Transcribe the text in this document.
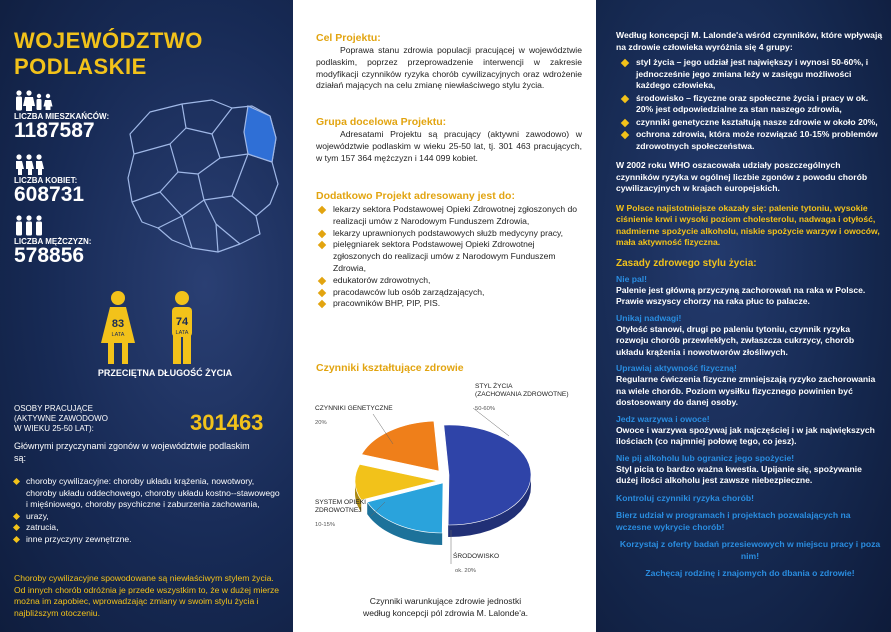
WOJEWÓDZTWO
PODLASKIE
LICZBA MIESZKAŃCÓW:
1187587
LICZBA KOBIET:
608731
LICZBA MĘŻCZYZN:
578856
83
LATA
74
LATA
PRZECIĘTNA DŁUGOŚĆ ŻYCIA
OSOBY PRACUJĄCE
(AKTYWNE ZAWODOWO
W WIEKU 25-50 LAT):	301463
Głównymi przyczynami zgonów w województwie podlaskim są:
choroby cywilizacyjne: choroby układu krążenia, nowotwory, choroby układu oddechowego, choroby układu kostno--stawowego i mięśniowego, choroby psychiczne i zaburzenia zachowania,
urazy,
zatrucia,
inne przyczyny zewnętrzne.
Choroby cywilizacyjne spowodowane są niewłaściwym stylem życia. Od innych chorób odróżnia je przede wszystkim to, że w dużej mierze można im zapobiec, wprowadzając zmiany w swoim stylu życia i najbliższym otoczeniu.

Cel Projektu:

Poprawa stanu zdrowia populacji pracującej w województwie podlaskim, poprzez przeprowadzenie interwencji w zakresie modyfikacji czynników ryzyka chorób cywilizacyjnych oraz wdrożenie działań mających na celu zmianę niewłaściwego stylu życia.

Grupa docelowa Projektu:

Adresatami Projektu są pracujący (aktywni zawodowo) w województwie podlaskim w wieku 25-50 lat, tj. 301 463 pracujących, w tym 157 364 mężczyzn i 144 099 kobiet.

Dodatkowo Projekt adresowany jest do:

lekarzy sektora Podstawowej Opieki Zdrowotnej zgłoszonych do realizacji umów z Narodowym Funduszem Zdrowia,
lekarzy uprawnionych podstawowych służb medycyny pracy,
pielęgniarek sektora Podstawowej Opieki Zdrowotnej zgłoszonych do realizacji umów z Narodowym Funduszem Zdrowia,
edukatorów zdrowotnych,
pracodawców lub osób zarządzających,
pracowników BHP, PIP, PIS.
Czynniki kształtujące zdrowie
STYL ŻYCIA
(ZACHOWANIA ZDROWOTNE)
50-60%
ŚRODOWISKO
ok. 20%
SYSTEM OPIEKI
ZDROWOTNEJ
10-15%
CZYNNIKI GENETYCZNE
20%
Czynniki warunkujące zdrowie jednostki
według koncepcji pól zdrowia M. Lalonde'a.

Według koncepcji M. Lalonde'a wśród czynników, które wpływają na zdrowie człowieka wyróżnia się 4 grupy:

styl życia – jego udział jest największy i wynosi 50-60%, i jednocześnie jego zmiana leży w zasięgu możliwości każdego człowieka,
środowisko – fizyczne oraz społeczne życia i pracy w ok. 20% jest odpowiedzialne za stan naszego zdrowia,
czynniki genetyczne kształtują nasze zdrowie w około 20%,
ochrona zdrowia, która może rozwiązać 10-15% problemów zdrowotnych społeczeństwa.

W 2002 roku WHO oszacowała udziały poszczególnych czynników ryzyka w ogólnej liczbie zgonów z powodu chorób cywilizacyjnych w krajach europejskich.

W Polsce najistotniejsze okazały się: palenie tytoniu, wysokie ciśnienie krwi i wysoki poziom cholesterolu, nadwaga i otyłość, nadmierne spożycie alkoholu, niskie spożycie warzyw i owoców, mała aktywność fizyczna.

Zasady zdrowego stylu życia:

Nie pal!

Palenie jest główną przyczyną zachorowań na raka w Polsce. Prawie wszyscy chorzy na raka płuc to palacze.

Unikaj nadwagi!

Otyłość stanowi, drugi po paleniu tytoniu, czynnik ryzyka rozwoju chorób przewlekłych, zwłaszcza cukrzycy, chorób układu krążenia i nowotworów złośliwych.

Uprawiaj aktywność fizyczną!

Regularne ćwiczenia fizyczne zmniejszają ryzyko zachorowania na wiele chorób. Poziom wysiłku fizycznego powinien być dostosowany do danej osoby.

Jedz warzywa i owoce!

Owoce i warzywa spożywaj jak najczęściej i w jak największych ilościach (co najmniej połowę tego, co jesz).

Nie pij alkoholu lub ogranicz jego spożycie!

Styl picia to bardzo ważna kwestia. Upijanie się, spożywanie dużej ilości alkoholu jest zawsze niebezpieczne.

Kontroluj czynniki ryzyka chorób!

Bierz udział w programach i projektach pozwalających na wczesne wykrycie chorób!

Korzystaj z oferty badań przesiewowych w miejscu pracy i poza nim!

Zachęcaj rodzinę i znajomych do dbania o zdrowie!
